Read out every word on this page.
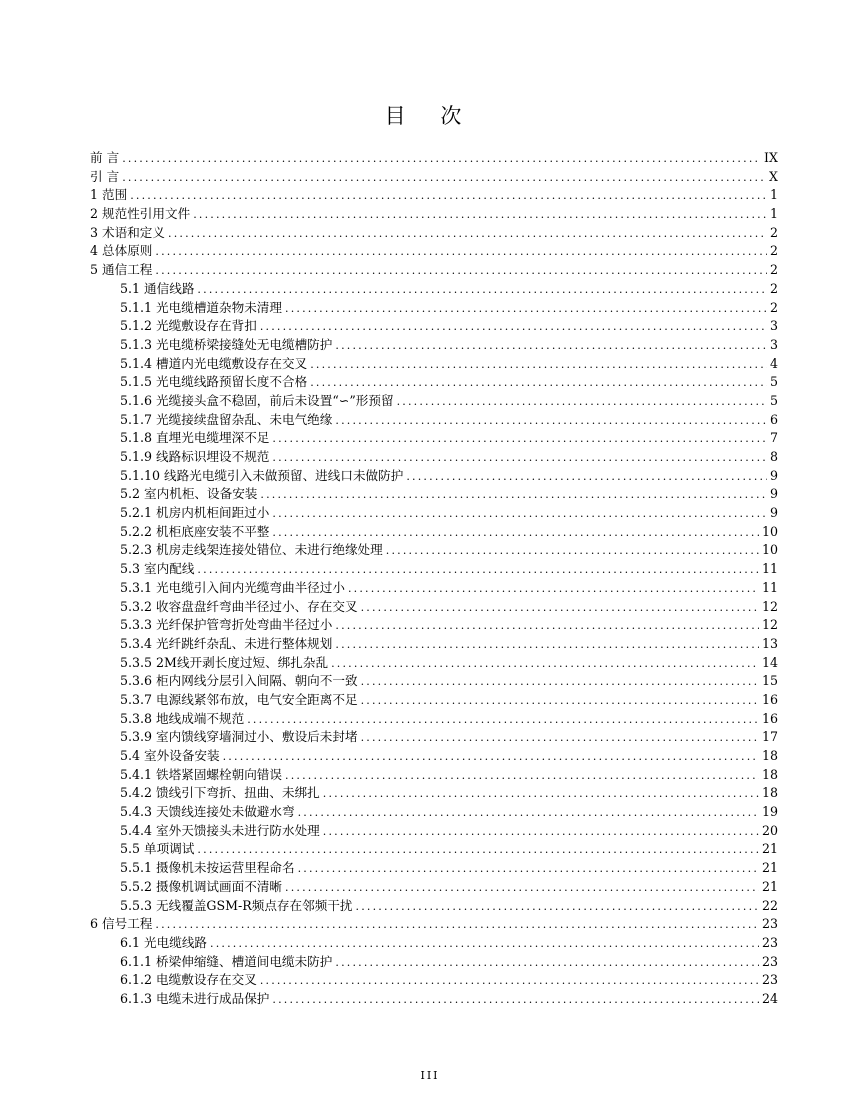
目 次
前 言 .....	IX
引 言 .....	X
1 范围 .....	1
2 规范性引用文件 .....	1
3 术语和定义 .....	2
4 总体原则 .....	2
5 通信工程 .....	2
5.1 通信线路 .....	2
5.1.1 光电缆槽道杂物未清理 .....	2
5.1.2 光缆敷设存在背扣 .....	3
5.1.3 光电缆桥梁接缝处无电缆槽防护 .....	3
5.1.4 槽道内光电缆敷设存在交叉 .....	4
5.1.5 光电缆线路预留长度不合格 .....	5
5.1.6 光缆接头盒不稳固，前后未设置“∽”形预留 .....	5
5.1.7 光缆接续盘留杂乱、未电气绝缘 .....	6
5.1.8 直埋光电缆埋深不足 .....	7
5.1.9 线路标识埋设不规范 .....	8
5.1.10 线路光电缆引入未做预留、进线口未做防护 .....	9
5.2 室内机柜、设备安装 .....	9
5.2.1 机房内机柜间距过小 .....	9
5.2.2 机柜底座安装不平整 .....	10
5.2.3 机房走线架连接处错位、未进行绝缘处理 .....	10
5.3 室内配线 .....	11
5.3.1 光电缆引入间内光缆弯曲半径过小 .....	11
5.3.2 收容盘盘纤弯曲半径过小、存在交叉 .....	12
5.3.3 光纤保护管弯折处弯曲半径过小 .....	12
5.3.4 光纤跳纤杂乱、未进行整体规划 .....	13
5.3.5 2M线开剥长度过短、绑扎杂乱 .....	14
5.3.6 柜内网线分层引入间隔、朝向不一致 .....	15
5.3.7 电源线紧邻布放，电气安全距离不足 .....	16
5.3.8 地线成端不规范 .....	16
5.3.9 室内馈线穿墙洞过小、敷设后未封堵 .....	17
5.4 室外设备安装 .....	18
5.4.1 铁塔紧固螺栓朝向错误 .....	18
5.4.2 馈线引下弯折、扭曲、未绑扎 .....	18
5.4.3 天馈线连接处未做避水弯 .....	19
5.4.4 室外天馈接头未进行防水处理 .....	20
5.5 单项调试 .....	21
5.5.1 摄像机未按运营里程命名 .....	21
5.5.2 摄像机调试画面不清晰 .....	21
5.5.3 无线覆盖GSM-R频点存在邻频干扰 .....	22
6 信号工程 .....	23
6.1 光电缆线路 .....	23
6.1.1 桥梁伸缩缝、槽道间电缆未防护 .....	23
6.1.2 电缆敷设存在交叉 .....	23
6.1.3 电缆未进行成品保护 .....	24
III
